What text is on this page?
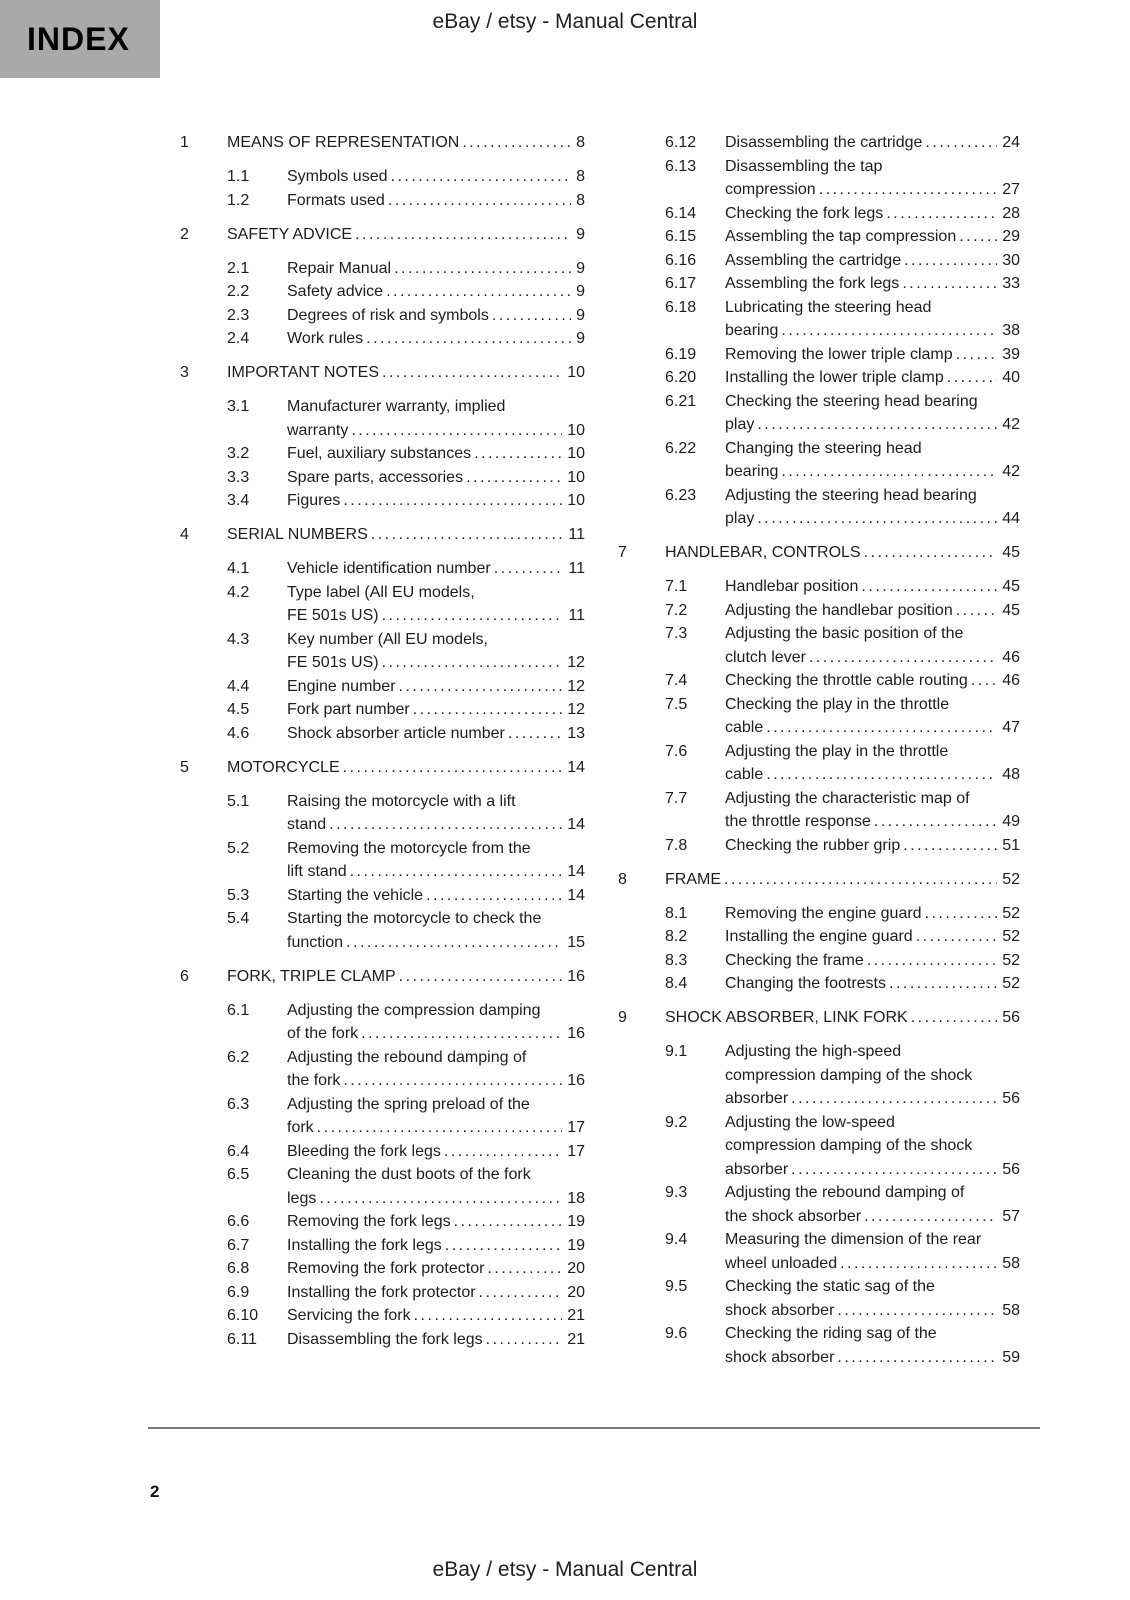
INDEX	eBay / etsy - Manual Central
1	MEANS OF REPRESENTATION .....	8
1.1	Symbols used .....	8
1.2	Formats used .....	8
2	SAFETY ADVICE .....	9
2.1	Repair Manual .....	9
2.2	Safety advice .....	9
2.3	Degrees of risk and symbols .....	9
2.4	Work rules .....	9
3	IMPORTANT NOTES .....	10
3.1	Manufacturer warranty, implied
warranty .....	10
3.2	Fuel, auxiliary substances .....	10
3.3	Spare parts, accessories .....	10
3.4	Figures .....	10
4	SERIAL NUMBERS .....	11
4.1	Vehicle identification number .....	11
4.2	Type label (All EU models,
FE 501s US) .....	11
4.3	Key number (All EU models,
FE 501s US) .....	12
4.4	Engine number .....	12
4.5	Fork part number .....	12
4.6	Shock absorber article number .....	13
5	MOTORCYCLE .....	14
5.1	Raising the motorcycle with a lift
stand .....	14
5.2	Removing the motorcycle from the
lift stand .....	14
5.3	Starting the vehicle .....	14
5.4	Starting the motorcycle to check the
function .....	15
6	FORK, TRIPLE CLAMP .....	16
6.1	Adjusting the compression damping
of the fork .....	16
6.2	Adjusting the rebound damping of
the fork .....	16
6.3	Adjusting the spring preload of the
fork .....	17
6.4	Bleeding the fork legs .....	17
6.5	Cleaning the dust boots of the fork
legs .....	18
6.6	Removing the fork legs .....	19
6.7	Installing the fork legs .....	19
6.8	Removing the fork protector .....	20
6.9	Installing the fork protector .....	20
6.10	Servicing the fork .....	21
6.11	Disassembling the fork legs .....	21
6.12	Disassembling the cartridge .....	24
6.13	Disassembling the tap
compression .....	27
6.14	Checking the fork legs .....	28
6.15	Assembling the tap compression .....	29
6.16	Assembling the cartridge .....	30
6.17	Assembling the fork legs .....	33
6.18	Lubricating the steering head
bearing .....	38
6.19	Removing the lower triple clamp .....	39
6.20	Installing the lower triple clamp .....	40
6.21	Checking the steering head bearing
play .....	42
6.22	Changing the steering head
bearing .....	42
6.23	Adjusting the steering head bearing
play .....	44
7	HANDLEBAR, CONTROLS .....	45
7.1	Handlebar position .....	45
7.2	Adjusting the handlebar position .....	45
7.3	Adjusting the basic position of the
clutch lever .....	46
7.4	Checking the throttle cable routing ..... 46
7.5	Checking the play in the throttle
cable .....	47
7.6	Adjusting the play in the throttle
cable .....	48
7.7	Adjusting the characteristic map of
the throttle response .....	49
7.8	Checking the rubber grip .....	51
8	FRAME .....	52
8.1	Removing the engine guard .....	52
8.2	Installing the engine guard .....	52
8.3	Checking the frame .....	52
8.4	Changing the footrests .....	52
9	SHOCK ABSORBER, LINK FORK .....	56
9.1	Adjusting the high-speed
compression damping of the shock
absorber .....	56
9.2	Adjusting the low-speed
compression damping of the shock
absorber .....	56
9.3	Adjusting the rebound damping of
the shock absorber .....	57
9.4	Measuring the dimension of the rear
wheel unloaded .....	58
9.5	Checking the static sag of the
shock absorber .....	58
9.6	Checking the riding sag of the
shock absorber .....	59
2
eBay / etsy - Manual Central
